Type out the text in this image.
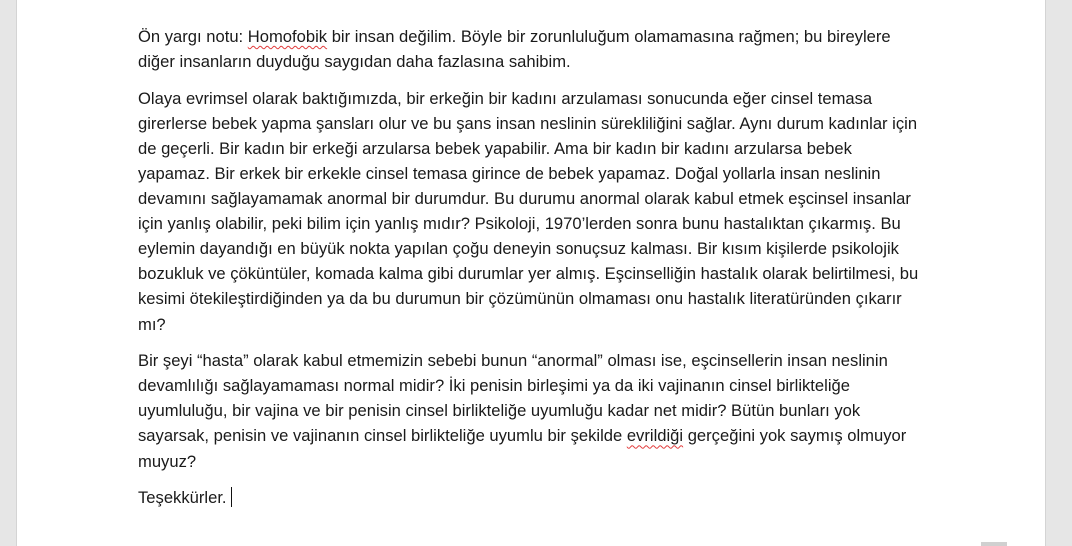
Ön yargı notu: Homofobik bir insan değilim. Böyle bir zorunluluğum olamamasına rağmen; bu bireylere diğer insanların duyduğu saygıdan daha fazlasına sahibim.

Olaya evrimsel olarak baktığımızda, bir erkeğin bir kadını arzulaması sonucunda eğer cinsel temasa girerlerse bebek yapma şansları olur ve bu şans insan neslinin sürekliliğini sağlar. Aynı durum kadınlar için de geçerli. Bir kadın bir erkeği arzularsa bebek yapabilir. Ama bir kadın bir kadını arzularsa bebek yapamaz. Bir erkek bir erkekle cinsel temasa girince de bebek yapamaz. Doğal yollarla insan neslinin devamını sağlayamamak anormal bir durumdur. Bu durumu anormal olarak kabul etmek eşcinsel insanlar için yanlış olabilir, peki bilim için yanlış mıdır? Psikoloji, 1970’lerden sonra bunu hastalıktan çıkarmış. Bu eylemin dayandığı en büyük nokta yapılan çoğu deneyin sonuçsuz kalması. Bir kısım kişilerde psikolojik bozukluk ve çöküntüler, komada kalma gibi durumlar yer almış. Eşcinselliğin hastalık olarak belirtilmesi, bu kesimi ötekileştirdiğinden ya da bu durumun bir çözümünün olmaması onu hastalık literatüründen çıkarır mı?

Bir şeyi “hasta” olarak kabul etmemizin sebebi bunun “anormal” olması ise, eşcinsellerin insan neslinin devamlılığı sağlayamaması normal midir? İki penisin birleşimi ya da iki vajinanın cinsel birlikteliğe uyumluluğu, bir vajina ve bir penisin cinsel birlikteliğe uyumluğu kadar net midir? Bütün bunları yok sayarsak, penisin ve vajinanın cinsel birlikteliğe uyumlu bir şekilde evrildiği gerçeğini yok saymış olmuyor muyuz?

Teşekkürler.
